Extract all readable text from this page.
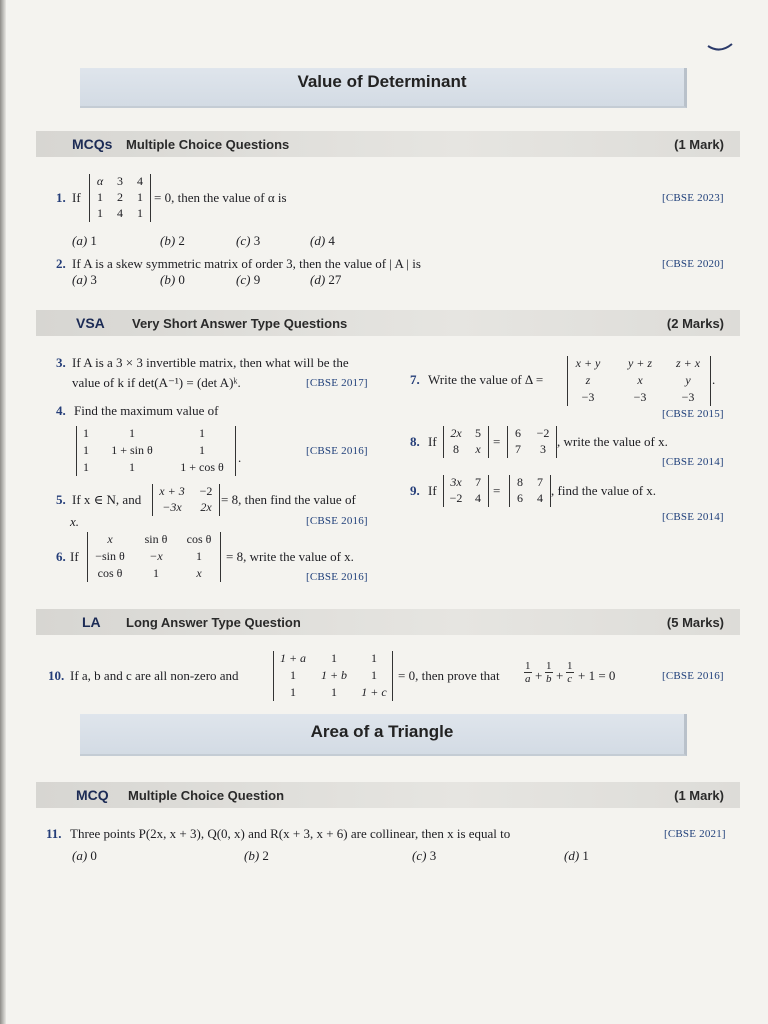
Value of Determinant
MCQs Multiple Choice Questions	(1 Mark)
1. If
α	3	4
1	2	1
1	4	1
= 0, then the value of α is	[CBSE 2023]
(a) 1	(b) 2	(c) 3	(d) 4
2. If A is a skew symmetric matrix of order 3, then the value of | A | is	[CBSE 2020]
(a) 3	(b) 0	(c) 9	(d) 27
VSA Very Short Answer Type Questions	(2 Marks)
3. If A is a 3 × 3 invertible matrix, then what will be the
value of k if det(A⁻¹) = (det A)ᵏ.	[CBSE 2017]
4. Find the maximum value of
1	1	1
1	1 + sin θ	1
1	1	1 + cos θ
.	[CBSE 2016]
5. If x ∈ N, and
x + 3	−2
−3x	2x = 8, then find the value of
x.	[CBSE 2016]
6. If
x	sin θ	cos θ
−sin θ	−x	1
cos θ	1	x
= 8, write the value of x.
[CBSE 2016]
7. Write the value of Δ =
x + y	y + z	z + x
z	x	y
−3	−3	−3
.
[CBSE 2015]
8. If
2x	5
8	x =
6	−2
7	3 , write the value of x.
[CBSE 2014]
9. If
3x	7
−2	4 =
8	7
6	4 , find the value of x.
[CBSE 2014]
LA Long Answer Type Question	(5 Marks)
10. If a, b and c are all non-zero and
1 + a	1	1
1	1 + b	1
1	1	1 + c
= 0, then prove that $\frac{1}{a} + \frac{1}{b} + \frac{1}{c} + 1 = 0$	[CBSE 2016]
Area of a Triangle
MCQ Multiple Choice Question	(1 Mark)
11. Three points P(2x, x + 3), Q(0, x) and R(x + 3, x + 6) are collinear, then x is equal to	[CBSE 2021]
(a) 0	(b) 2	(c) 3	(d) 1
